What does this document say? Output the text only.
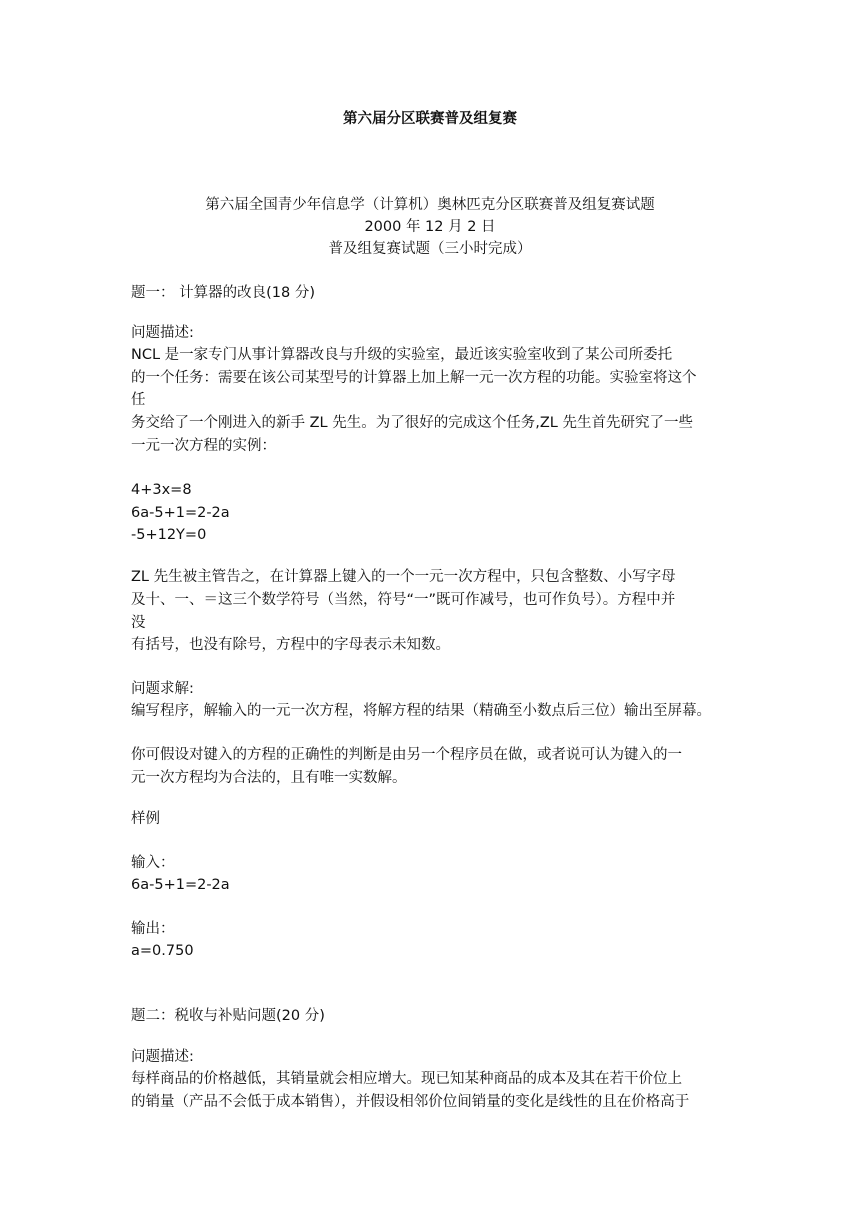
第六届分区联赛普及组复赛
第六届全国青少年信息学（计算机）奥林匹克分区联赛普及组复赛试题
2000 年 12 月 2 日
普及组复赛试题（三小时完成）
题一： 计算器的改良(18 分)
问题描述:
NCL 是一家专门从事计算器改良与升级的实验室，最近该实验室收到了某公司所委托
的一个任务：需要在该公司某型号的计算器上加上解一元一次方程的功能。实验室将这个
任
务交给了一个刚进入的新手 ZL 先生。为了很好的完成这个任务,ZL 先生首先研究了一些
一元一次方程的实例：
4+3x=8
6a-5+1=2-2a
-5+12Y=0
ZL 先生被主管告之，在计算器上键入的一个一元一次方程中，只包含整数、小写字母
及十、一、＝这三个数学符号（当然，符号“一”既可作减号，也可作负号）。方程中并
没
有括号，也没有除号，方程中的字母表示未知数。
问题求解:
编写程序，解输入的一元一次方程，将解方程的结果（精确至小数点后三位）输出至屏幕。
你可假设对键入的方程的正确性的判断是由另一个程序员在做，或者说可认为键入的一
元一次方程均为合法的，且有唯一实数解。
样例
输入：
6a-5+1=2-2a
输出：
a=0.750
题二：税收与补贴问题(20 分)
问题描述:
每样商品的价格越低，其销量就会相应增大。现已知某种商品的成本及其在若干价位上
的销量（产品不会低于成本销售），并假设相邻价位间销量的变化是线性的且在价格高于
